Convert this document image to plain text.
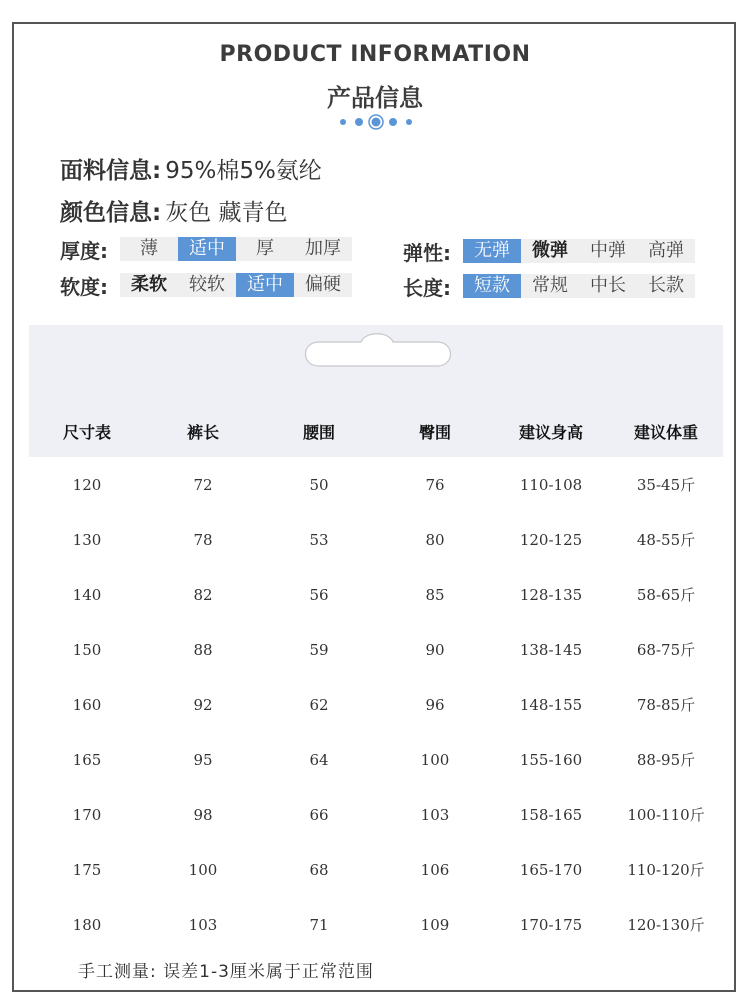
PRODUCT INFORMATION
产品信息
面料信息: 95%棉5%氨纶
颜色信息: 灰色 藏青色
厚度:	薄	适中	厚	加厚
软度:	柔软	较软	适中	偏硬
弹性:	无弹	微弹	中弹	高弹
长度:	短款	常规	中长	长款
尺寸表	裤长	腰围	臀围	建议身高	建议体重
120	72	50	76	110-108	35-45斤
130	78	53	80	120-125	48-55斤
140	82	56	85	128-135	58-65斤
150	88	59	90	138-145	68-75斤
160	92	62	96	148-155	78-85斤
165	95	64	100	155-160	88-95斤
170	98	66	103	158-165	100-110斤
175	100	68	106	165-170	110-120斤
180	103	71	109	170-175	120-130斤
手工测量: 误差1-3厘米属于正常范围
